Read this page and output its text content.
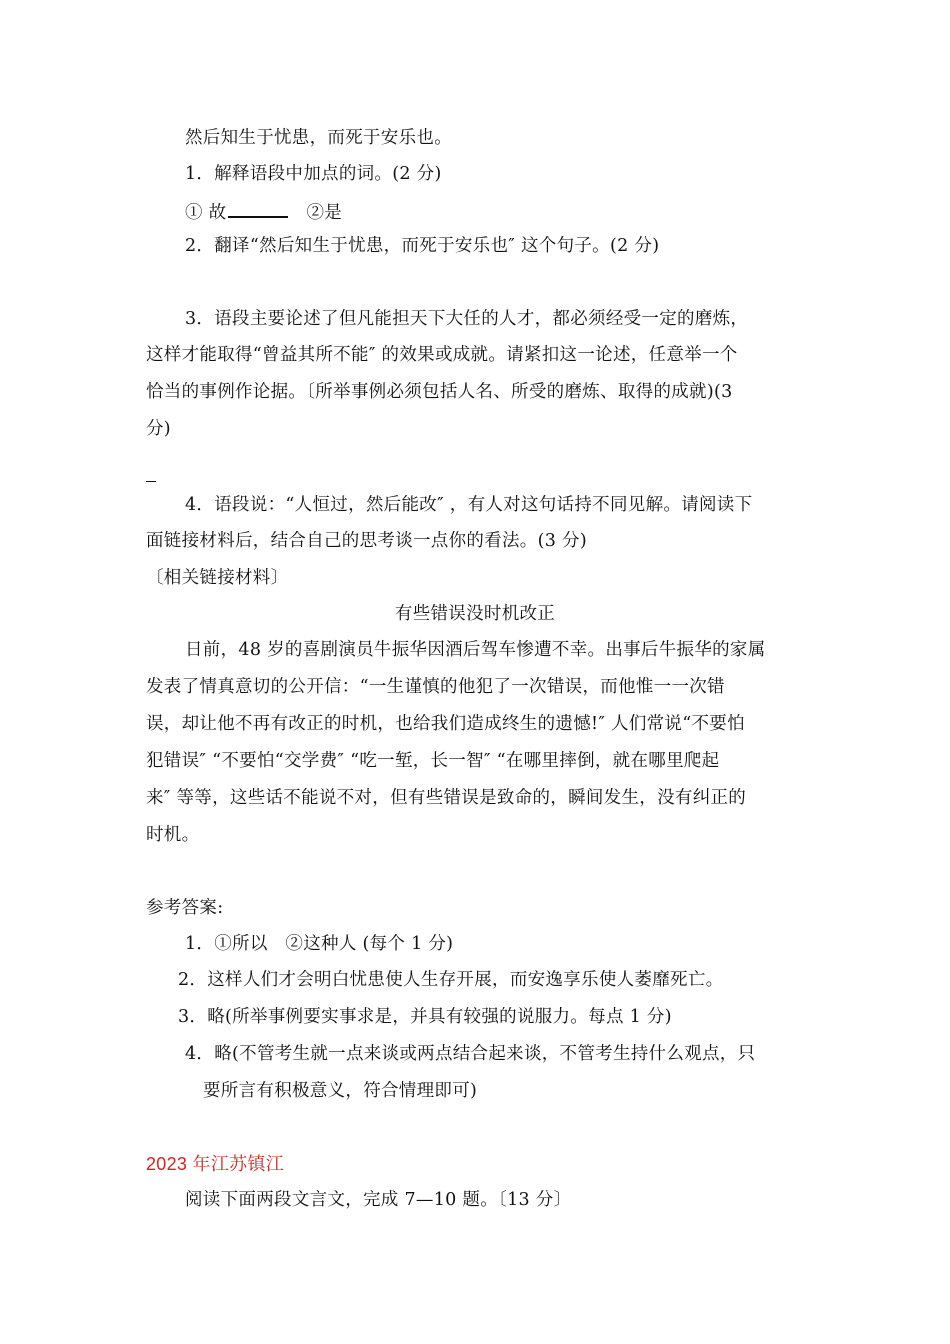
然后知生于忧患，而死于安乐也。
1．解释语段中加点的词。(2 分)
① 故	②是
2．翻译“然后知生于忧患，而死于安乐也″ 这个句子。(2 分)
3．语段主要论述了但凡能担天下大任的人才，都必须经受一定的磨炼，
这样才能取得“曾益其所不能″ 的效果或成就。请紧扣这一论述，任意举一个
恰当的事例作论据。〔所举事例必须包括人名、所受的磨炼、取得的成就)(3
分)
4．语段说：“人恒过，然后能改″ ，有人对这句话持不同见解。请阅读下
面链接材料后，结合自己的思考谈一点你的看法。(3 分)
〔相关链接材料〕
有些错误没时机改正
日前，48 岁的喜剧演员牛振华因酒后驾车惨遭不幸。出事后牛振华的家属
发表了情真意切的公开信：“一生谨慎的他犯了一次错误，而他惟一一次错
误，却让他不再有改正的时机，也给我们造成终生的遗憾!″ 人们常说“不要怕
犯错误″ “不要怕“交学费″ “吃一堑，长一智″ “在哪里摔倒，就在哪里爬起
来″ 等等，这些话不能说不对，但有些错误是致命的，瞬间发生，没有纠正的
时机。
参考答案:
1．①所以　②这种人 (每个 1 分)
2．这样人们才会明白忧患使人生存开展，而安逸享乐使人萎靡死亡。
3．略(所举事例要实事求是，并具有较强的说服力。每点 1 分)
4．略(不管考生就一点来谈或两点结合起来谈，不管考生持什么观点，只
要所言有积极意义，符合情理即可)
2023 年江苏镇江
阅读下面两段文言文，完成 7—10 题。〔13 分〕
